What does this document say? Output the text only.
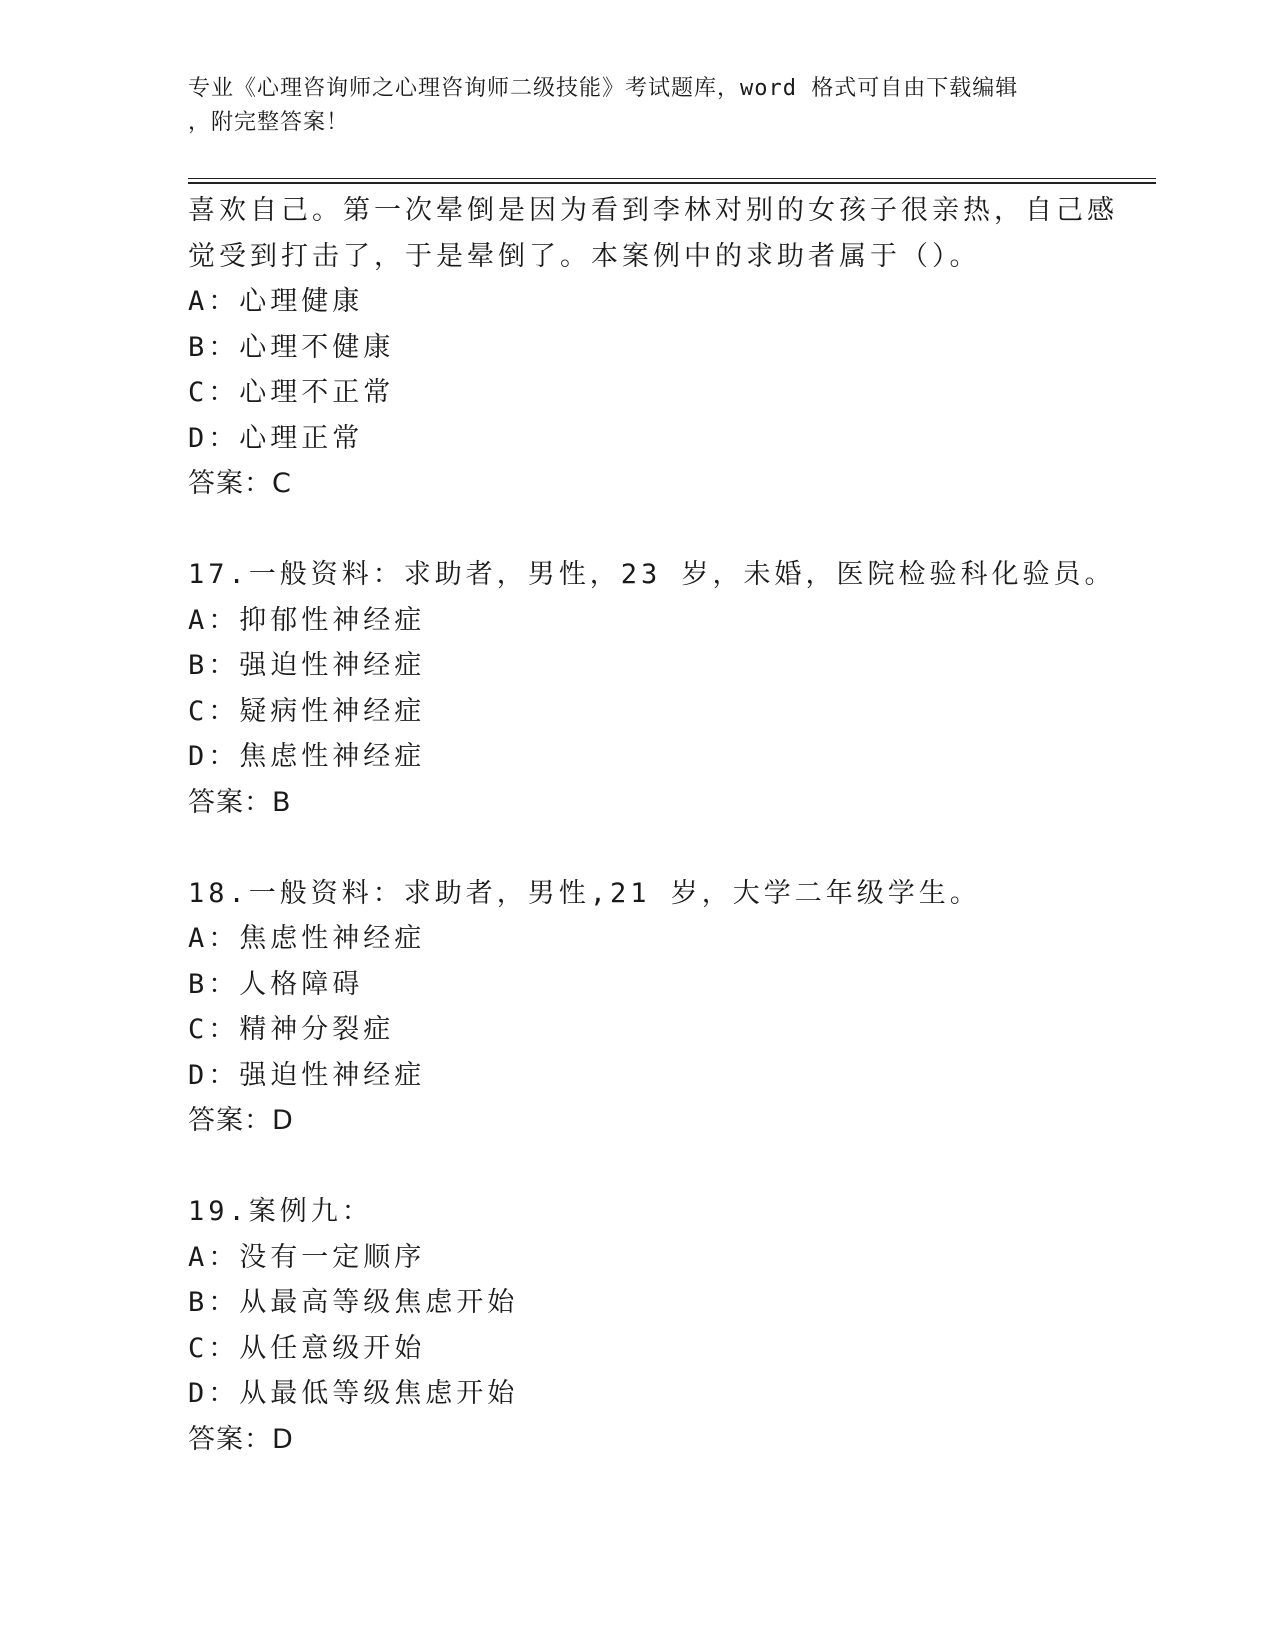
专业《心理咨询师之心理咨询师二级技能》考试题库，word 格式可自由下载编辑
，附完整答案！
喜欢自己。第一次晕倒是因为看到李林对别的女孩子很亲热，自己感
觉受到打击了，于是晕倒了。本案例中的求助者属于（）。
A：心理健康
B：心理不健康
C：心理不正常
D：心理正常
答案：C
17.一般资料：求助者，男性，23 岁，未婚，医院检验科化验员。
A：抑郁性神经症
B：强迫性神经症
C：疑病性神经症
D：焦虑性神经症
答案：B
18.一般资料：求助者，男性,21 岁，大学二年级学生。
A：焦虑性神经症
B：人格障碍
C：精神分裂症
D：强迫性神经症
答案：D
19.案例九：
A：没有一定顺序
B：从最高等级焦虑开始
C：从任意级开始
D：从最低等级焦虑开始
答案：D
